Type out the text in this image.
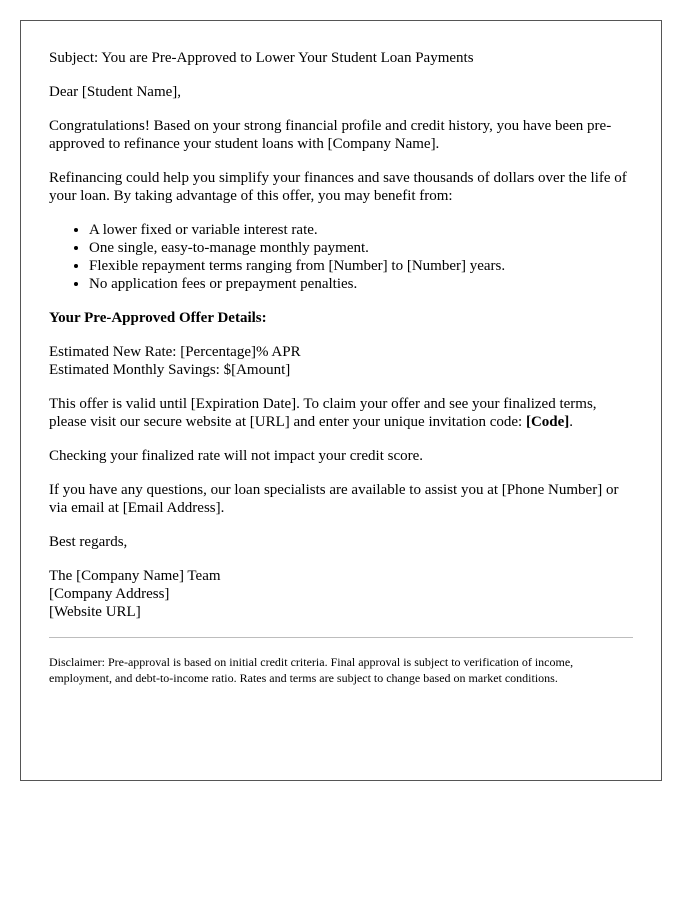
Subject: You are Pre-Approved to Lower Your Student Loan Payments

Dear [Student Name],

Congratulations! Based on your strong financial profile and credit history, you have been pre-approved to refinance your student loans with [Company Name].

Refinancing could help you simplify your finances and save thousands of dollars over the life of your loan. By taking advantage of this offer, you may benefit from:

• A lower fixed or variable interest rate.
• One single, easy-to-manage monthly payment.
• Flexible repayment terms ranging from [Number] to [Number] years.
• No application fees or prepayment penalties.

Your Pre-Approved Offer Details:

Estimated New Rate: [Percentage]% APR
Estimated Monthly Savings: $[Amount]

This offer is valid until [Expiration Date]. To claim your offer and see your finalized terms, please visit our secure website at [URL] and enter your unique invitation code: [Code].

Checking your finalized rate will not impact your credit score.

If you have any questions, our loan specialists are available to assist you at [Phone Number] or via email at [Email Address].

Best regards,

The [Company Name] Team
[Company Address]
[Website URL]

Disclaimer: Pre-approval is based on initial credit criteria. Final approval is subject to verification of income, employment, and debt-to-income ratio. Rates and terms are subject to change based on market conditions.
